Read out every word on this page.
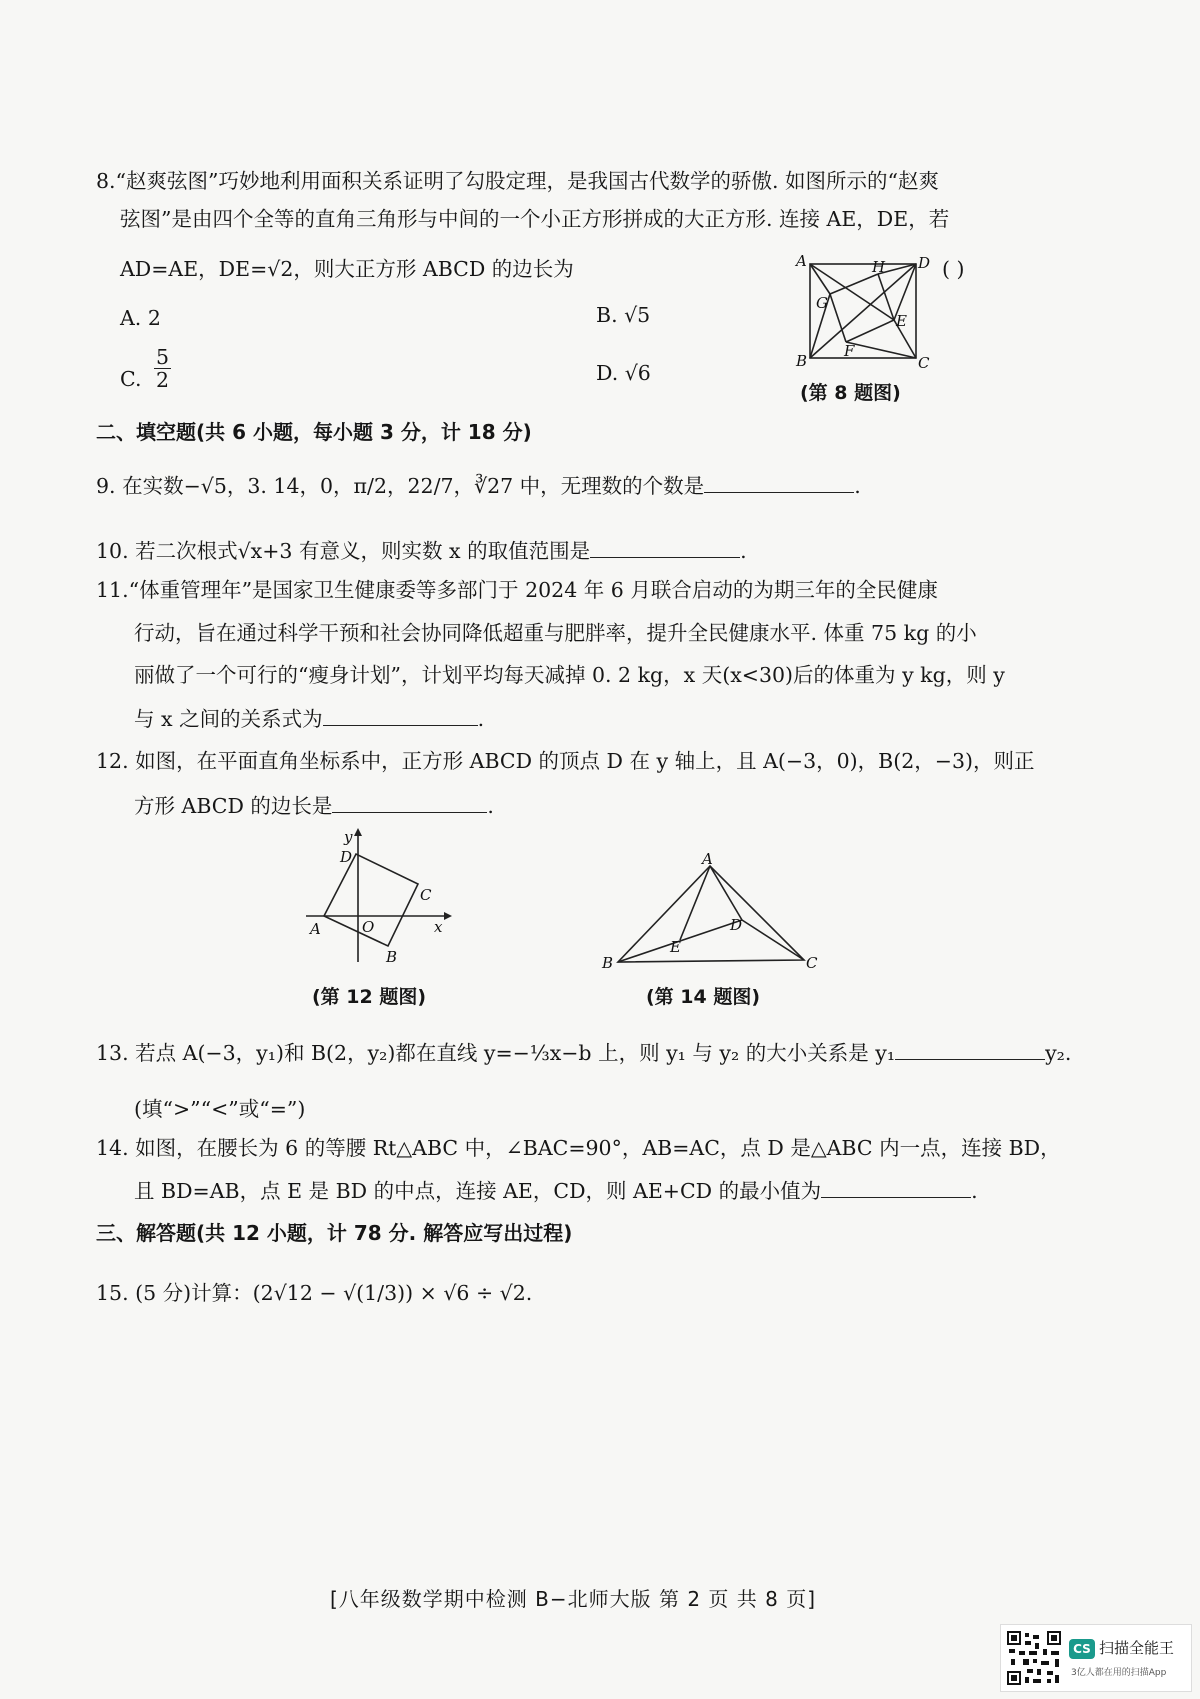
8.“赵爽弦图”巧妙地利用面积关系证明了勾股定理，是我国古代数学的骄傲. 如图所示的“赵爽
弦图”是由四个全等的直角三角形与中间的一个小正方形拼成的大正方形. 连接 AE，DE，若
AD=AE，DE=√2，则大正方形 ABCD 的边长为	( )
A. 2	B. √5
C. $\frac{5}{2}$	D. √6
A	D
B	C
H
G
E
F
(第 8 题图)
二、填空题(共 6 小题，每小题 3 分，计 18 分)
9. 在实数−√5，3. 14，0，π/2，22/7，∛27 中，无理数的个数是	.
10. 若二次根式√x+3 有意义，则实数 x 的取值范围是	.
11.“体重管理年”是国家卫生健康委等多部门于 2024 年 6 月联合启动的为期三年的全民健康
行动，旨在通过科学干预和社会协同降低超重与肥胖率，提升全民健康水平. 体重 75 kg 的小
丽做了一个可行的“瘦身计划”，计划平均每天减掉 0. 2 kg，x 天(x<30)后的体重为 y kg，则 y
与 x 之间的关系式为	.
12. 如图，在平面直角坐标系中，正方形 ABCD 的顶点 D 在 y 轴上，且 A(−3，0)，B(2，−3)，则正
方形 ABCD 的边长是	.
y
x
D
C
A	O
B
(第 12 题图)
A
B	C
D
E
(第 14 题图)
13. 若点 A(−3，y₁)和 B(2，y₂)都在直线 y=−⅓x−b 上，则 y₁ 与 y₂ 的大小关系是 y₁	y₂.
(填“>”“<”或“=”)
14. 如图，在腰长为 6 的等腰 Rt△ABC 中，∠BAC=90°，AB=AC，点 D 是△ABC 内一点，连接 BD，
且 BD=AB，点 E 是 BD 的中点，连接 AE，CD，则 AE+CD 的最小值为	.
三、解答题(共 12 小题，计 78 分. 解答应写出过程)
15. (5 分)计算：(2√12 − √(1/3)) × √6 ÷ √2.
[八年级数学期中检测 B−北师大版 第 2 页 共 8 页]
CS 扫描全能王
3亿人都在用的扫描App
